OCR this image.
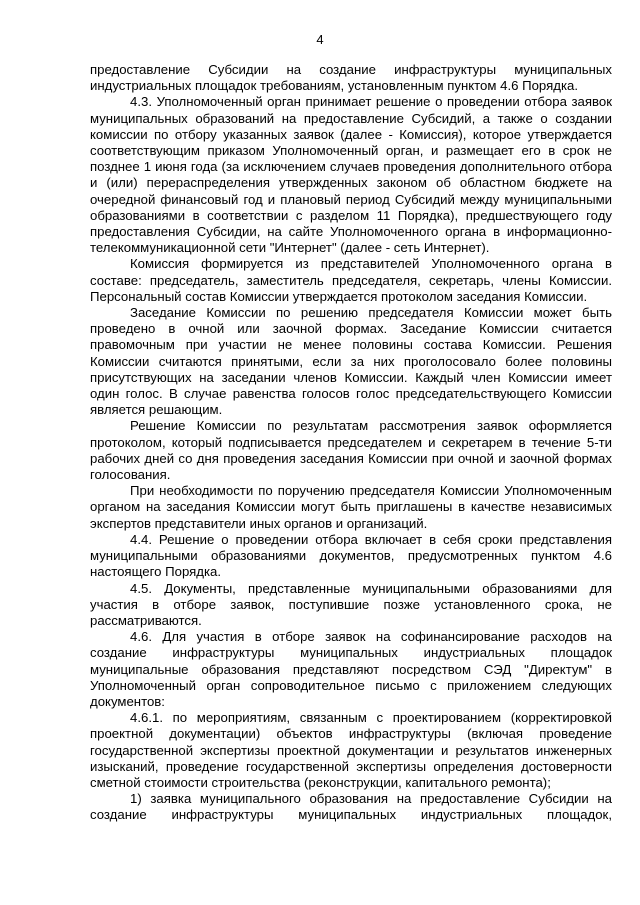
4

предоставление Субсидии на создание инфраструктуры муниципальных индустриальных площадок требованиям, установленным пунктом 4.6 Порядка.

4.3. Уполномоченный орган принимает решение о проведении отбора заявок муниципальных образований на предоставление Субсидий, а также о создании комиссии по отбору указанных заявок (далее - Комиссия), которое утверждается соответствующим приказом Уполномоченный орган, и размещает его в срок не позднее 1 июня года (за исключением случаев проведения дополнительного отбора и (или) перераспределения утвержденных законом об областном бюджете на очередной финансовый год и плановый период Субсидий между муниципальными образованиями в соответствии с разделом 11 Порядка), предшествующего году предоставления Субсидии, на сайте Уполномоченного органа в информационно-телекоммуникационной сети "Интернет" (далее - сеть Интернет).

Комиссия формируется из представителей Уполномоченного органа в составе: председатель, заместитель председателя, секретарь, члены Комиссии. Персональный состав Комиссии утверждается протоколом заседания Комиссии.

Заседание Комиссии по решению председателя Комиссии может быть проведено в очной или заочной формах. Заседание Комиссии считается правомочным при участии не менее половины состава Комиссии. Решения Комиссии считаются принятыми, если за них проголосовало более половины присутствующих на заседании членов Комиссии. Каждый член Комиссии имеет один голос. В случае равенства голосов голос председательствующего Комиссии является решающим.

Решение Комиссии по результатам рассмотрения заявок оформляется протоколом, который подписывается председателем и секретарем в течение 5-ти рабочих дней со дня проведения заседания Комиссии при очной и заочной формах голосования.

При необходимости по поручению председателя Комиссии Уполномоченным органом на заседания Комиссии могут быть приглашены в качестве независимых экспертов представители иных органов и организаций.

4.4. Решение о проведении отбора включает в себя сроки представления муниципальными образованиями документов, предусмотренных пунктом 4.6 настоящего Порядка.

4.5. Документы, представленные муниципальными образованиями для участия в отборе заявок, поступившие позже установленного срока, не рассматриваются.

4.6. Для участия в отборе заявок на софинансирование расходов на создание инфраструктуры муниципальных индустриальных площадок муниципальные образования представляют посредством СЭД "Директум" в Уполномоченный орган сопроводительное письмо с приложением следующих документов:

4.6.1. по мероприятиям, связанным с проектированием (корректировкой проектной документации) объектов инфраструктуры (включая проведение государственной экспертизы проектной документации и результатов инженерных изысканий, проведение государственной экспертизы определения достоверности сметной стоимости строительства (реконструкции, капитального ремонта);

1) заявка муниципального образования на предоставление Субсидии на создание инфраструктуры муниципальных индустриальных площадок,
